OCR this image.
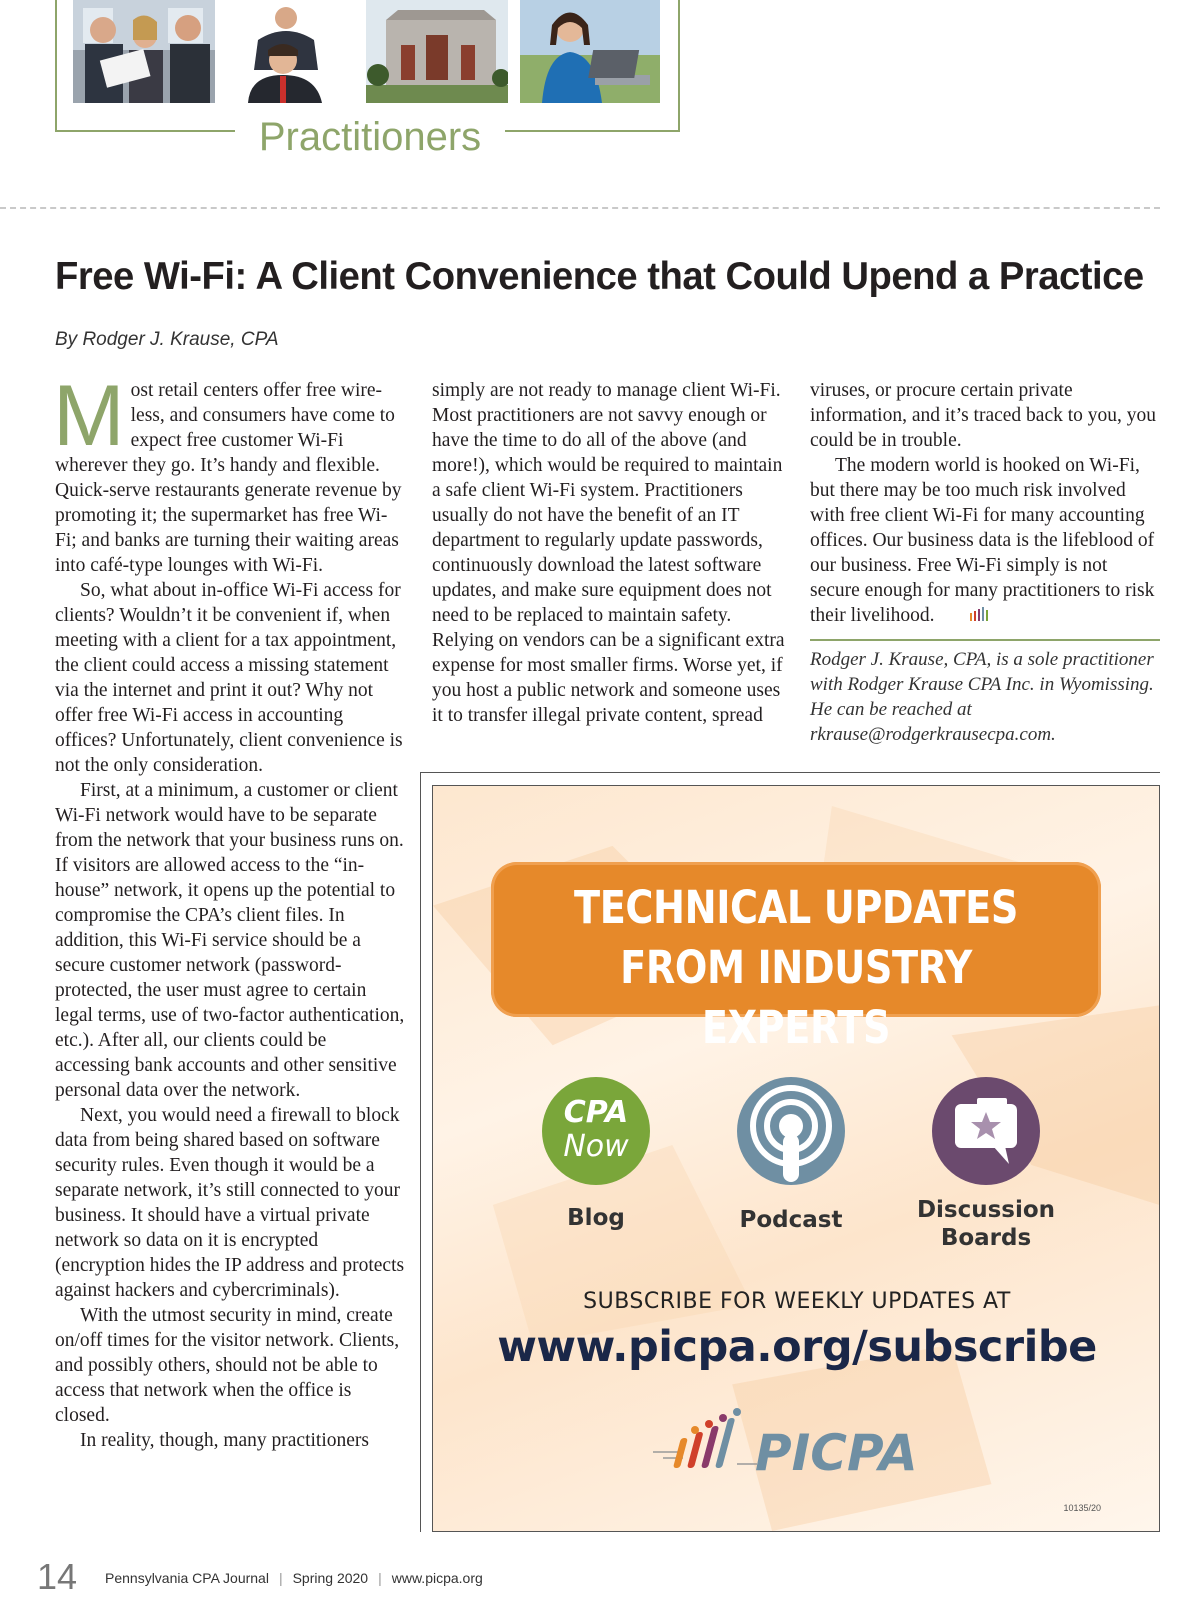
Practitioners
Free Wi-Fi: A Client Convenience that Could Upend a Practice
By Rodger J. Krause, CPA

Most retail centers offer free wire-less, and consumers have come to expect free customer Wi-Fi wherever they go. It’s handy and flexible. Quick-serve restaurants generate revenue by promoting it; the supermarket has free Wi-Fi; and banks are turning their waiting areas into café-type lounges with Wi-Fi.

So, what about in-office Wi-Fi access for clients? Wouldn’t it be convenient if, when meeting with a client for a tax appointment, the client could access a missing statement via the internet and print it out? Why not offer free Wi-Fi access in accounting offices? Unfortunately, client convenience is not the only consideration.

First, at a minimum, a customer or client Wi-Fi network would have to be separate from the network that your business runs on. If visitors are allowed access to the “in-house” network, it opens up the potential to compromise the CPA’s client files. In addition, this Wi-Fi service should be a secure customer network (password-protected, the user must agree to certain legal terms, use of two-factor authentication, etc.). After all, our clients could be accessing bank accounts and other sensitive personal data over the network.

Next, you would need a firewall to block data from being shared based on software security rules. Even though it would be a separate network, it’s still connected to your business. It should have a virtual private network so data on it is encrypted (encryption hides the IP address and protects against hackers and cybercriminals).

With the utmost security in mind, create on/off times for the visitor network. Clients, and possibly others, should not be able to access that network when the office is closed.

In reality, though, many practitioners

simply are not ready to manage client Wi-Fi. Most practitioners are not savvy enough or have the time to do all of the above (and more!), which would be required to maintain a safe client Wi-Fi system. Practitioners usually do not have the benefit of an IT department to regularly update passwords, continuously download the latest software updates, and make sure equipment does not need to be replaced to maintain safety. Relying on vendors can be a significant extra expense for most smaller firms. Worse yet, if you host a public network and someone uses it to transfer illegal private content, spread

viruses, or procure certain private information, and it’s traced back to you, you could be in trouble.

The modern world is hooked on Wi-Fi, but there may be too much risk involved with free client Wi-Fi for many accounting offices. Our business data is the lifeblood of our business. Free Wi-Fi simply is not secure enough for many practitioners to risk their livelihood.

Rodger J. Krause, CPA, is a sole practitioner with Rodger Krause CPA Inc. in Wyomissing. He can be reached at rkrause@rodgerkrausecpa.com.

TECHNICAL UPDATES
FROM INDUSTRY EXPERTS
CPA
Now
Blog	Podcast	Discussion
Boards
SUBSCRIBE FOR WEEKLY UPDATES AT
www.picpa.org/subscribe
PICPA
10135/20
14 Pennsylvania CPA Journal | Spring 2020 | www.picpa.org
